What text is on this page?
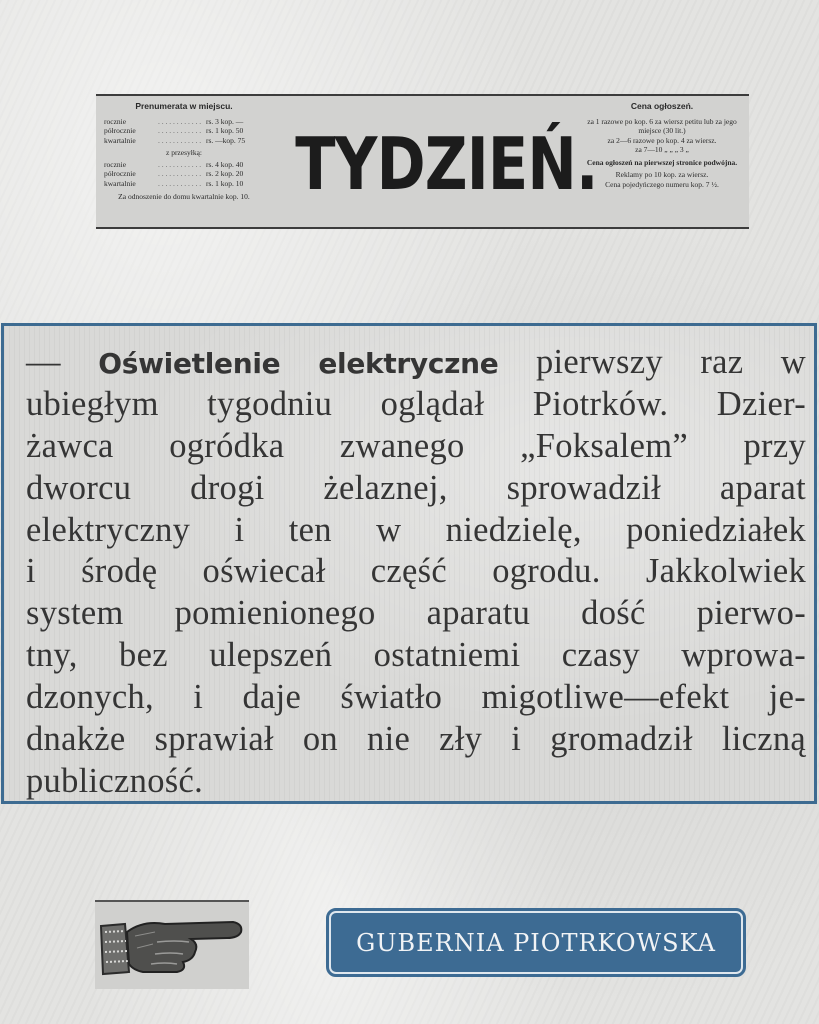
Prenumerata w miejscu.
rocznie	. . . . . . . . . . . . rs. 3 kop. —
półrocznie	. . . . . . . . . . . . rs. 1 kop. 50
kwartalnie	. . . . . . . . . . . . rs. —kop. 75
z przesyłką:
rocznie	. . . . . . . . . . . . rs. 4 kop. 40
półrocznie	. . . . . . . . . . . . rs. 2 kop. 20
kwartalnie	. . . . . . . . . . . . rs. 1 kop. 10
Za odnoszenie do domu kwartalnie kop. 10. TYDZIEŃ.
Cena ogłoszeń.

za 1 razowe po kop. 6 za wiersz petitu lub za jego miejsce (30 lit.)

za 2—6 razowe po kop. 4 za wiersz.

za 7—10 „ „ „ 3 „

Cena ogłoszeń na pierwszej stronice podwójna.

Reklamy po 10 kop. za wiersz.

Cena pojedyńczego numeru kop. 7 ½.

— Oświetlenie elektryczne pierwszy raz w
ubiegłym tygodniu oglądał Piotrków. Dzier-
żawca ogródka zwanego „Foksalem” przy
dworcu drogi żelaznej, sprowadził aparat
elektryczny i ten w niedzielę, poniedziałek
i środę oświecał część ogrodu. Jakkolwiek
system pomienionego aparatu dość pierwo-
tny, bez ulepszeń ostatniemi czasy wprowa-
dzonych, i daje światło migotliwe—efekt je-
dnakże sprawiał on nie zły i gromadził liczną
publiczność.
GUBERNIA PIOTRKOWSKA
